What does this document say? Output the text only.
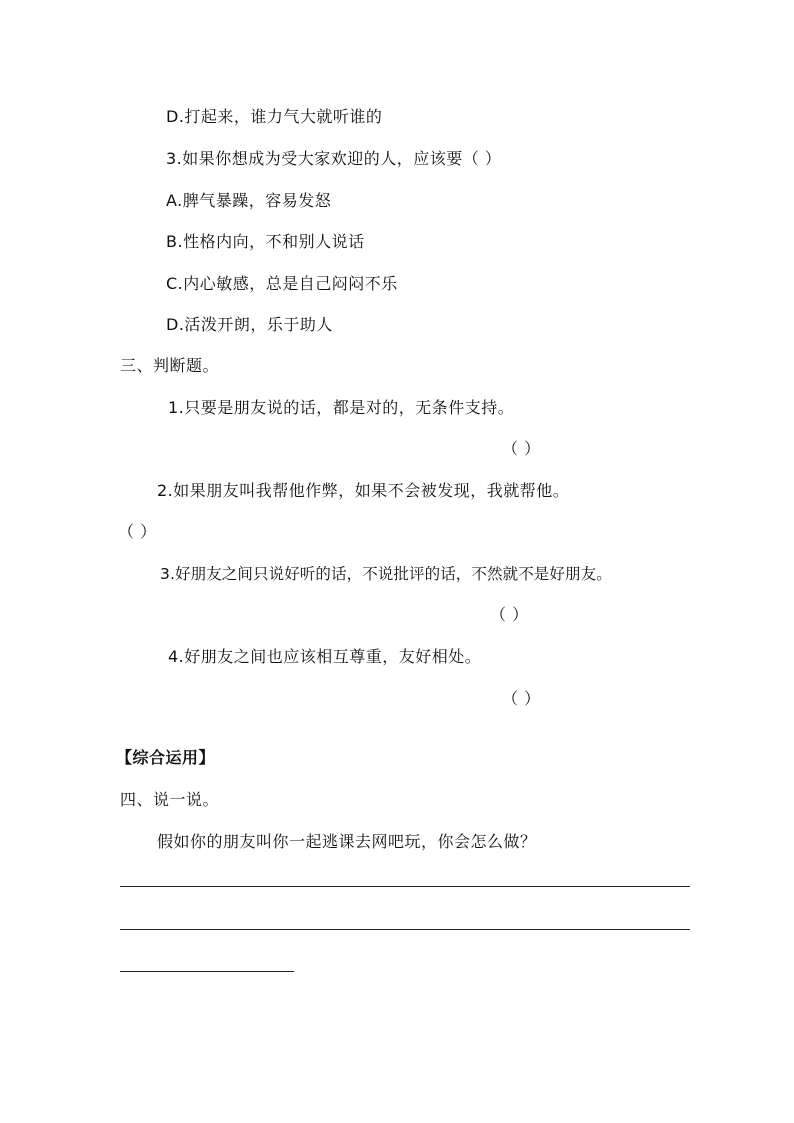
D.打起来，谁力气大就听谁的
3.如果你想成为受大家欢迎的人，应该要（ ）
A.脾气暴躁，容易发怒
B.性格内向，不和别人说话
C.内心敏感，总是自己闷闷不乐
D.活泼开朗，乐于助人
三、判断题。
1.只要是朋友说的话，都是对的，无条件支持。
（ ）
2.如果朋友叫我帮他作弊，如果不会被发现，我就帮他。
（ ）
3.好朋友之间只说好听的话，不说批评的话，不然就不是好朋友。
（ ）
4.好朋友之间也应该相互尊重，友好相处。
（ ）
【综合运用】
四、说一说。
假如你的朋友叫你一起逃课去网吧玩，你会怎么做？
